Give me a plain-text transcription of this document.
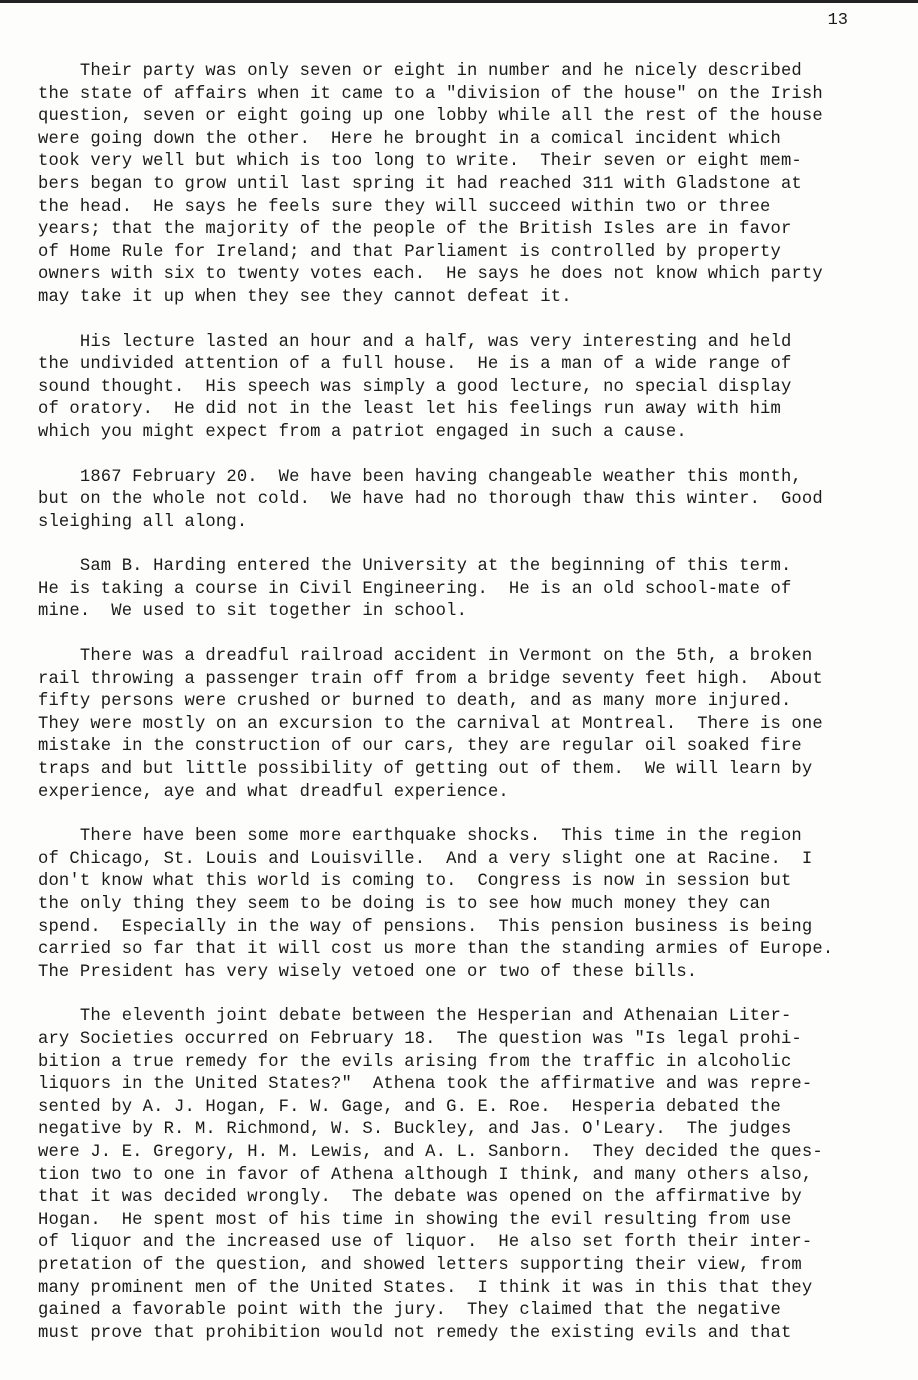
13
Their party was only seven or eight in number and he nicely described
the state of affairs when it came to a "division of the house" on the Irish
question, seven or eight going up one lobby while all the rest of the house
were going down the other.  Here he brought in a comical incident which
took very well but which is too long to write.  Their seven or eight mem-
bers began to grow until last spring it had reached 311 with Gladstone at
the head.  He says he feels sure they will succeed within two or three
years; that the majority of the people of the British Isles are in favor
of Home Rule for Ireland; and that Parliament is controlled by property
owners with six to twenty votes each.  He says he does not know which party
may take it up when they see they cannot defeat it.
His lecture lasted an hour and a half, was very interesting and held
the undivided attention of a full house.  He is a man of a wide range of
sound thought.  His speech was simply a good lecture, no special display
of oratory.  He did not in the least let his feelings run away with him
which you might expect from a patriot engaged in such a cause.
1867 February 20.  We have been having changeable weather this month,
but on the whole not cold.  We have had no thorough thaw this winter.  Good
sleighing all along.
Sam B. Harding entered the University at the beginning of this term.
He is taking a course in Civil Engineering.  He is an old school-mate of
mine.  We used to sit together in school.
There was a dreadful railroad accident in Vermont on the 5th, a broken
rail throwing a passenger train off from a bridge seventy feet high.  About
fifty persons were crushed or burned to death, and as many more injured.
They were mostly on an excursion to the carnival at Montreal.  There is one
mistake in the construction of our cars, they are regular oil soaked fire
traps and but little possibility of getting out of them.  We will learn by
experience, aye and what dreadful experience.
There have been some more earthquake shocks.  This time in the region
of Chicago, St. Louis and Louisville.  And a very slight one at Racine.  I
don't know what this world is coming to.  Congress is now in session but
the only thing they seem to be doing is to see how much money they can
spend.  Especially in the way of pensions.  This pension business is being
carried so far that it will cost us more than the standing armies of Europe.
The President has very wisely vetoed one or two of these bills.
The eleventh joint debate between the Hesperian and Athenaian Liter-
ary Societies occurred on February 18.  The question was "Is legal prohi-
bition a true remedy for the evils arising from the traffic in alcoholic
liquors in the United States?"  Athena took the affirmative and was repre-
sented by A. J. Hogan, F. W. Gage, and G. E. Roe.  Hesperia debated the
negative by R. M. Richmond, W. S. Buckley, and Jas. O'Leary.  The judges
were J. E. Gregory, H. M. Lewis, and A. L. Sanborn.  They decided the ques-
tion two to one in favor of Athena although I think, and many others also,
that it was decided wrongly.  The debate was opened on the affirmative by
Hogan.  He spent most of his time in showing the evil resulting from use
of liquor and the increased use of liquor.  He also set forth their inter-
pretation of the question, and showed letters supporting their view, from
many prominent men of the United States.  I think it was in this that they
gained a favorable point with the jury.  They claimed that the negative
must prove that prohibition would not remedy the existing evils and that
